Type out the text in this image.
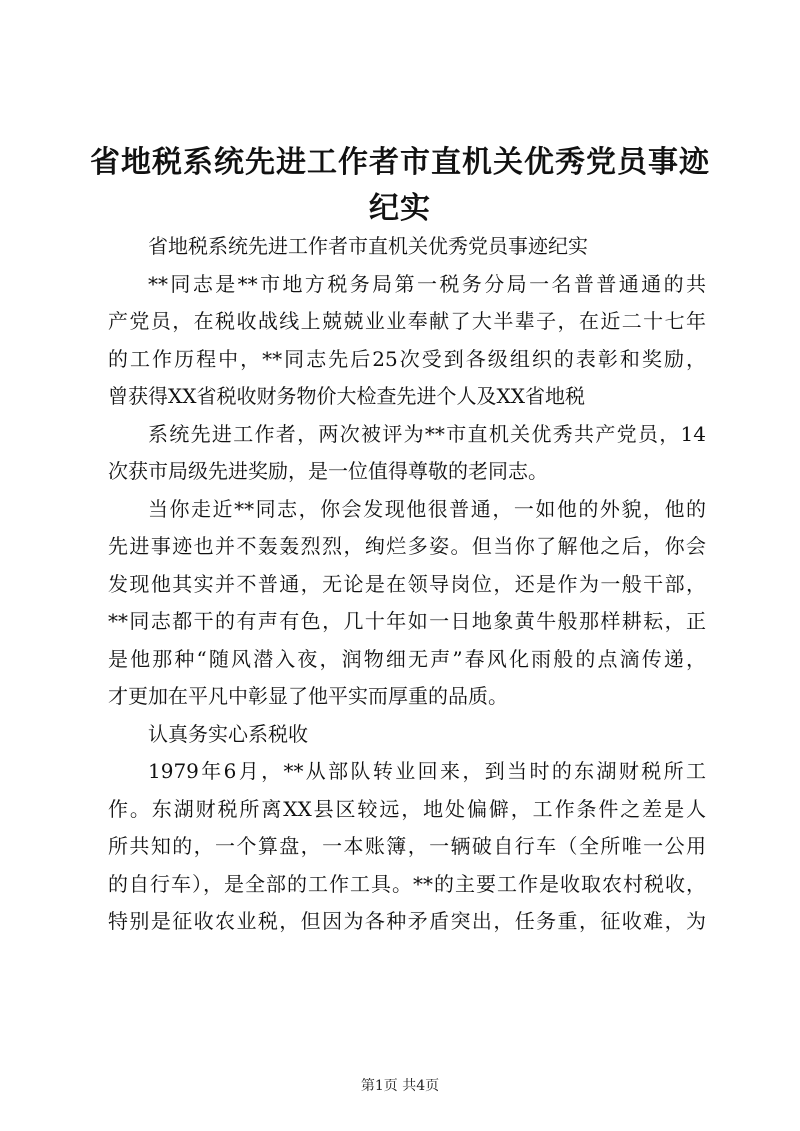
省地税系统先进工作者市直机关优秀党员事迹
纪实
省地税系统先进工作者市直机关优秀党员事迹纪实
**同志是**市地方税务局第一税务分局一名普普通通的共
产党员，在税收战线上兢兢业业奉献了大半辈子，在近二十七年
的工作历程中，**同志先后25次受到各级组织的表彰和奖励，
曾获得XX省税收财务物价大检查先进个人及XX省地税
系统先进工作者，两次被评为**市直机关优秀共产党员，14
次获市局级先进奖励，是一位值得尊敬的老同志。
当你走近**同志，你会发现他很普通，一如他的外貌，他的
先进事迹也并不轰轰烈烈，绚烂多姿。但当你了解他之后，你会
发现他其实并不普通，无论是在领导岗位，还是作为一般干部，
**同志都干的有声有色，几十年如一日地象黄牛般那样耕耘，正
是他那种“随风潜入夜，润物细无声”春风化雨般的点滴传递，
才更加在平凡中彰显了他平实而厚重的品质。
认真务实心系税收
1979年6月，**从部队转业回来，到当时的东湖财税所工
作。东湖财税所离XX县区较远，地处偏僻，工作条件之差是人
所共知的，一个算盘，一本账簿，一辆破自行车（全所唯一公用
的自行车），是全部的工作工具。**的主要工作是收取农村税收，
特别是征收农业税，但因为各种矛盾突出，任务重，征收难，为
第1页 共4页
